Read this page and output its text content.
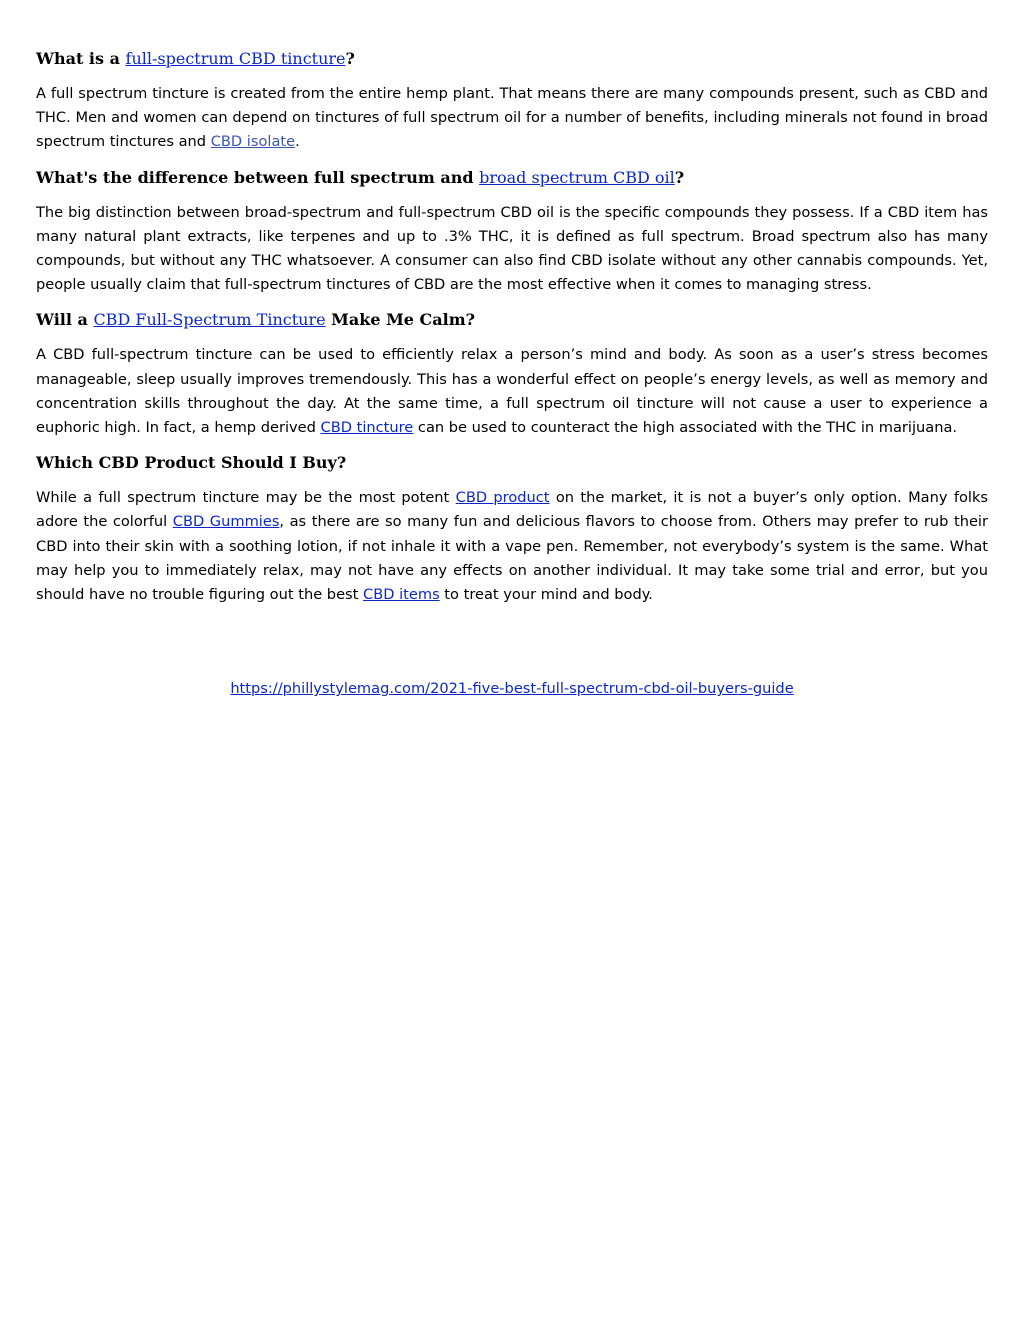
What is a full-spectrum CBD tincture?

A full spectrum tincture is created from the entire hemp plant. That means there are many compounds present, such as CBD and THC. Men and women can depend on tinctures of full spectrum oil for a number of benefits, including minerals not found in broad spectrum tinctures and CBD isolate.

What's the difference between full spectrum and broad spectrum CBD oil?

The big distinction between broad-spectrum and full-spectrum CBD oil is the specific compounds they possess. If a CBD item has many natural plant extracts, like terpenes and up to .3% THC, it is defined as full spectrum. Broad spectrum also has many compounds, but without any THC whatsoever. A consumer can also find CBD isolate without any other cannabis compounds. Yet, people usually claim that full-spectrum tinctures of CBD are the most effective when it comes to managing stress.

Will a CBD Full-Spectrum Tincture Make Me Calm?

A CBD full-spectrum tincture can be used to efficiently relax a person’s mind and body. As soon as a user’s stress becomes manageable, sleep usually improves tremendously. This has a wonderful effect on people’s energy levels, as well as memory and concentration skills throughout the day. At the same time, a full spectrum oil tincture will not cause a user to experience a euphoric high. In fact, a hemp derived CBD tincture can be used to counteract the high associated with the THC in marijuana.

Which CBD Product Should I Buy?

While a full spectrum tincture may be the most potent CBD product on the market, it is not a buyer’s only option. Many folks adore the colorful CBD Gummies, as there are so many fun and delicious flavors to choose from. Others may prefer to rub their CBD into their skin with a soothing lotion, if not inhale it with a vape pen. Remember, not everybody’s system is the same. What may help you to immediately relax, may not have any effects on another individual. It may take some trial and error, but you should have no trouble figuring out the best CBD items to treat your mind and body.

https://phillystylemag.com/2021-five-best-full-spectrum-cbd-oil-buyers-guide
